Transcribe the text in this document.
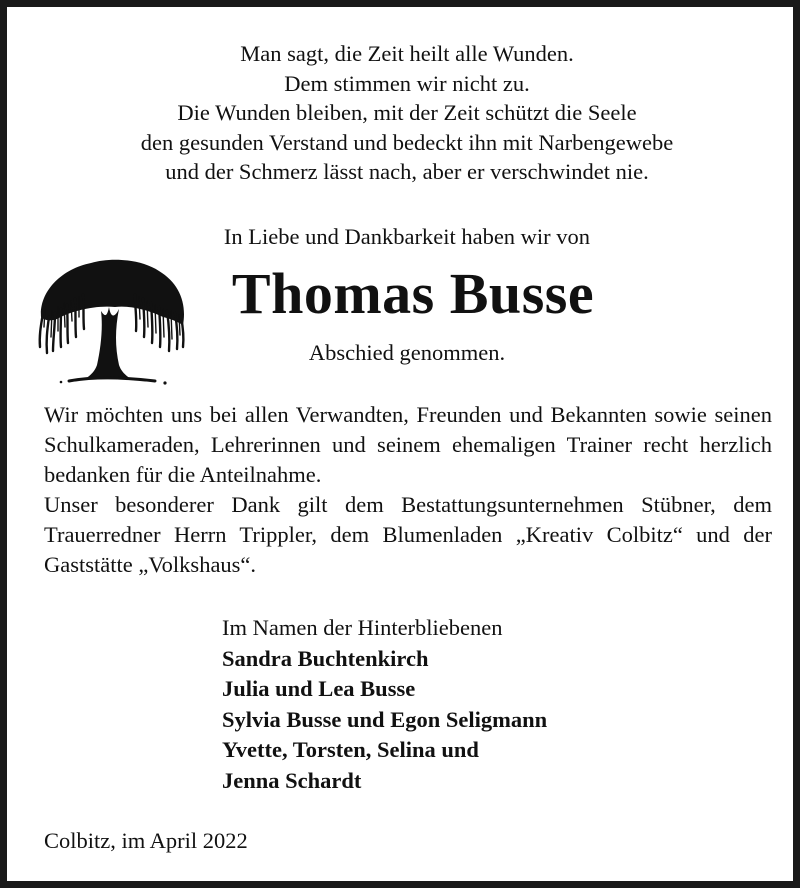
Man sagt, die Zeit heilt alle Wunden.
Dem stimmen wir nicht zu.
Die Wunden bleiben, mit der Zeit schützt die Seele
den gesunden Verstand und bedeckt ihn mit Narbengewebe
und der Schmerz lässt nach, aber er verschwindet nie.
In Liebe und Dankbarkeit haben wir von
Thomas Busse
Abschied genommen.
Wir möchten uns bei allen Verwandten, Freunden und Bekannten sowie seinen Schulkameraden, Lehrerinnen und seinem ehemaligen Trainer recht herzlich bedanken für die Anteilnahme.
Unser besonderer Dank gilt dem Bestattungsunternehmen Stübner, dem Trauerredner Herrn Trippler, dem Blumenladen „Kreativ Colbitz“ und der Gaststätte „Volkshaus“.
Im Namen der Hinterbliebenen
Sandra Buchtenkirch
Julia und Lea Busse
Sylvia Busse und Egon Seligmann
Yvette, Torsten, Selina und
Jenna Schardt
Colbitz, im April 2022
